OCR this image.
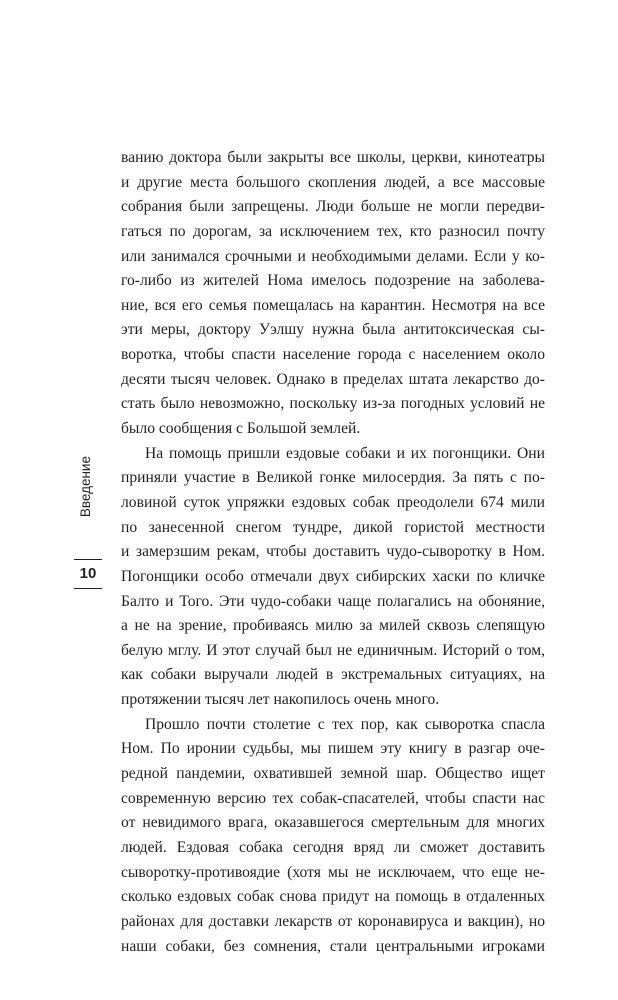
Введение
10
ванию доктора были закрыты все школы, церкви, кинотеатры
и другие места большого скопления людей, а все массовые
собрания были запрещены. Люди больше не могли передви-
гаться по дорогам, за исключением тех, кто разносил почту
или занимался срочными и необходимыми делами. Если у ко-
го-либо из жителей Нома имелось подозрение на заболева-
ние, вся его семья помещалась на карантин. Несмотря на все
эти меры, доктору Уэлшу нужна была антитоксическая сы-
воротка, чтобы спасти население города с населением около
десяти тысяч человек. Однако в пределах штата лекарство до-
стать было невозможно, поскольку из-за погодных условий не
было сообщения с Большой землей.
На помощь пришли ездовые собаки и их погонщики. Они
приняли участие в Великой гонке милосердия. За пять с по-
ловиной суток упряжки ездовых собак преодолели 674 мили
по занесенной снегом тундре, дикой гористой местности
и замерзшим рекам, чтобы доставить чудо-сыворотку в Ном.
Погонщики особо отмечали двух сибирских хаски по кличке
Балто и Того. Эти чудо-собаки чаще полагались на обоняние,
а не на зрение, пробиваясь милю за милей сквозь слепящую
белую мглу. И этот случай был не единичным. Историй о том,
как собаки выручали людей в экстремальных ситуациях, на
протяжении тысяч лет накопилось очень много.
Прошло почти столетие с тех пор, как сыворотка спасла
Ном. По иронии судьбы, мы пишем эту книгу в разгар оче-
редной пандемии, охватившей земной шар. Общество ищет
современную версию тех собак-спасателей, чтобы спасти нас
от невидимого врага, оказавшегося смертельным для многих
людей. Ездовая собака сегодня вряд ли сможет доставить
сыворотку-противоядие (хотя мы не исключаем, что еще не-
сколько ездовых собак снова придут на помощь в отдаленных
районах для доставки лекарств от коронавируса и вакцин), но
наши собаки, без сомнения, стали центральными игроками
